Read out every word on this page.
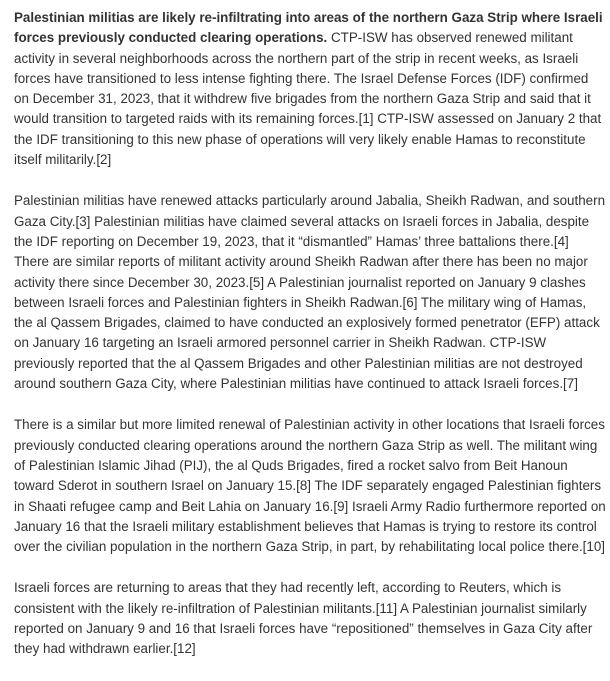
Palestinian militias are likely re-infiltrating into areas of the northern Gaza Strip where Israeli forces previously conducted clearing operations. CTP-ISW has observed renewed militant activity in several neighborhoods across the northern part of the strip in recent weeks, as Israeli forces have transitioned to less intense fighting there. The Israel Defense Forces (IDF) confirmed on December 31, 2023, that it withdrew five brigades from the northern Gaza Strip and said that it would transition to targeted raids with its remaining forces.[1] CTP-ISW assessed on January 2 that the IDF transitioning to this new phase of operations will very likely enable Hamas to reconstitute itself militarily.[2]

Palestinian militias have renewed attacks particularly around Jabalia, Sheikh Radwan, and southern Gaza City.[3] Palestinian militias have claimed several attacks on Israeli forces in Jabalia, despite the IDF reporting on December 19, 2023, that it “dismantled” Hamas’ three battalions there.[4] There are similar reports of militant activity around Sheikh Radwan after there has been no major activity there since December 30, 2023.[5] A Palestinian journalist reported on January 9 clashes between Israeli forces and Palestinian fighters in Sheikh Radwan.[6] The military wing of Hamas, the al Qassem Brigades, claimed to have conducted an explosively formed penetrator (EFP) attack on January 16 targeting an Israeli armored personnel carrier in Sheikh Radwan. CTP-ISW previously reported that the al Qassem Brigades and other Palestinian militias are not destroyed around southern Gaza City, where Palestinian militias have continued to attack Israeli forces.[7]

There is a similar but more limited renewal of Palestinian activity in other locations that Israeli forces previously conducted clearing operations around the northern Gaza Strip as well. The militant wing of Palestinian Islamic Jihad (PIJ), the al Quds Brigades, fired a rocket salvo from Beit Hanoun toward Sderot in southern Israel on January 15.[8] The IDF separately engaged Palestinian fighters in Shaati refugee camp and Beit Lahia on January 16.[9] Israeli Army Radio furthermore reported on January 16 that the Israeli military establishment believes that Hamas is trying to restore its control over the civilian population in the northern Gaza Strip, in part, by rehabilitating local police there.[10]

Israeli forces are returning to areas that they had recently left, according to Reuters, which is consistent with the likely re-infiltration of Palestinian militants.[11] A Palestinian journalist similarly reported on January 9 and 16 that Israeli forces have “repositioned” themselves in Gaza City after they had withdrawn earlier.[12]
